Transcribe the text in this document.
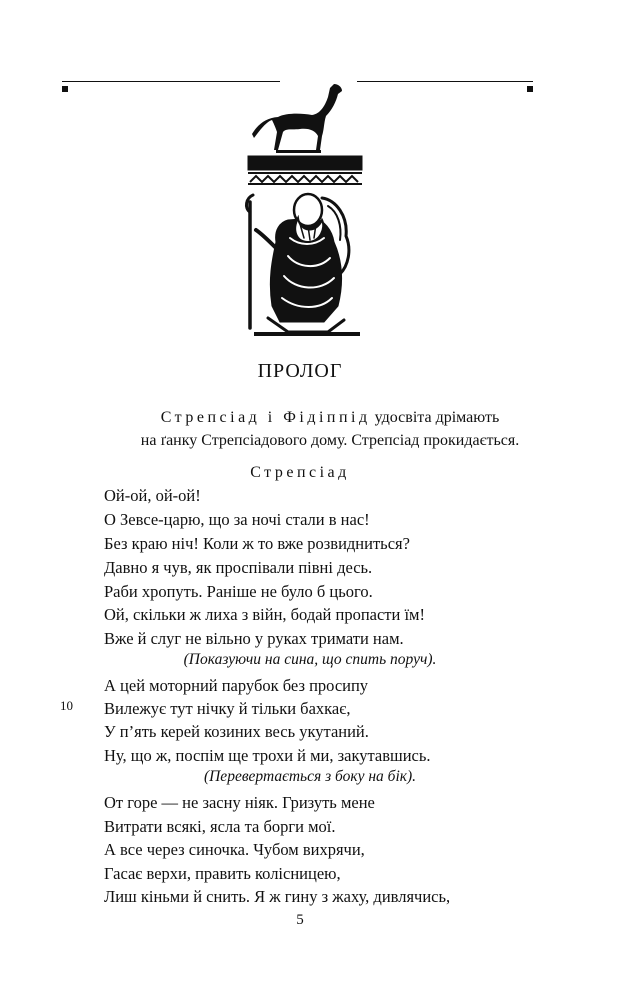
ПРОЛОГ
Стрепсіад і Фідіппід удосвіта дрімають
на ґанку Стрепсіадового дому. Стрепсіад прокидається.
Стрепсіад
Ой-ой, ой-ой!
О Зевсе-царю, що за ночі стали в нас!
Без краю ніч! Коли ж то вже розвидниться?
Давно я чув, як проспівали півні десь.
Раби хропуть. Раніше не було б цього.
Ой, скільки ж лиха з війн, бодай пропасти їм!
Вже й слуг не вільно у руках тримати нам.
(Показуючи на сина, що спить поруч).
А цей моторний парубок без просипу
Вилежує тут нічку й тільки бахкає,
У п’ять керей козиних весь укутаний.
Ну, що ж, поспім ще трохи й ми, закутавшись.
(Перевертається з боку на бік).
От горе — не засну ніяк. Гризуть мене
Витрати всякі, ясла та борги мої.
А все через синочка. Чубом вихрячи,
Гасає верхи, править колісницею,
Лиш кіньми й снить. Я ж гину з жаху, дивлячись,
10
5
